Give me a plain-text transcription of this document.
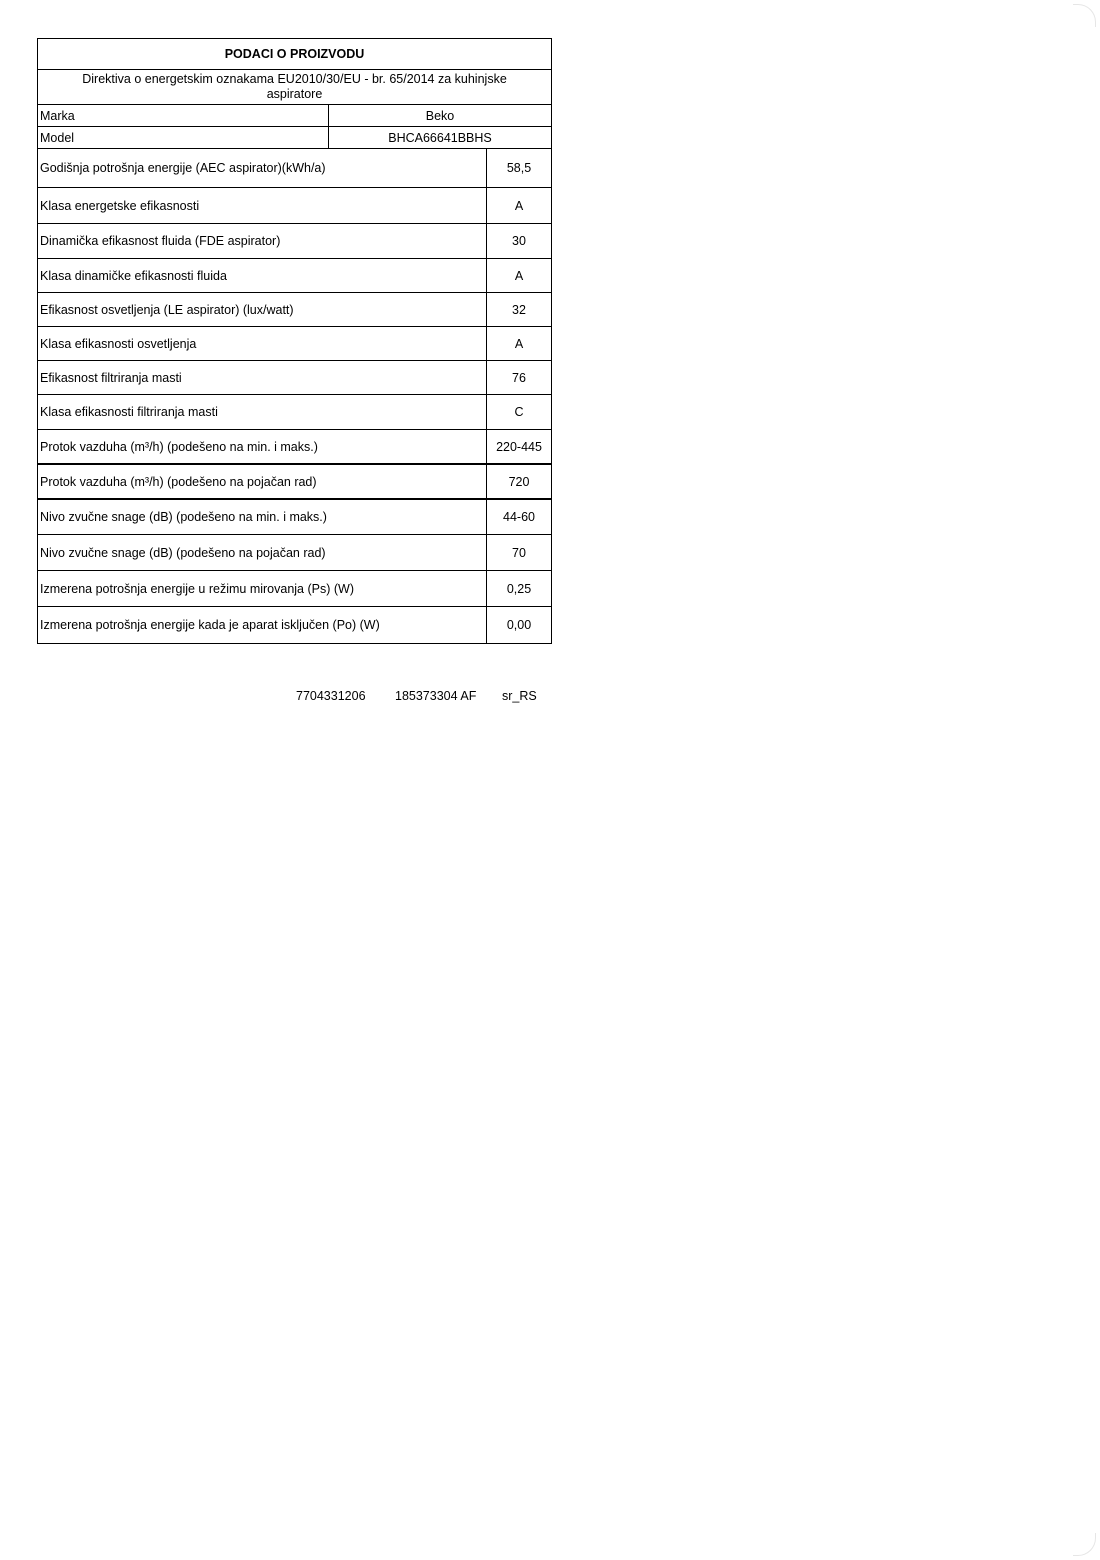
PODACI O PROIZVODU
Direktiva o energetskim oznakama EU2010/30/EU - br. 65/2014 za kuhinjske aspiratore
Marka	Beko
Model	BHCA66641BBHS
Godišnja potrošnja energije (AEC aspirator)(kWh/a)	58,5
Klasa energetske efikasnosti	A
Dinamička efikasnost fluida (FDE aspirator)	30
Klasa dinamičke efikasnosti fluida	A
Efikasnost osvetljenja (LE aspirator) (lux/watt)	32
Klasa efikasnosti osvetljenja	A
Efikasnost filtriranja masti	76
Klasa efikasnosti filtriranja masti	C
Protok vazduha (m³/h) (podešeno na min. i maks.)	220-445
Protok vazduha (m³/h) (podešeno na pojačan rad)	720
Nivo zvučne snage (dB) (podešeno na min. i maks.)	44-60
Nivo zvučne snage (dB) (podešeno na pojačan rad)	70
Izmerena potrošnja energije u režimu mirovanja (Ps) (W)	0,25
Izmerena potrošnja energije kada je aparat isključen (Po) (W)	0,00
7704331206 185373304 AF sr_RS
